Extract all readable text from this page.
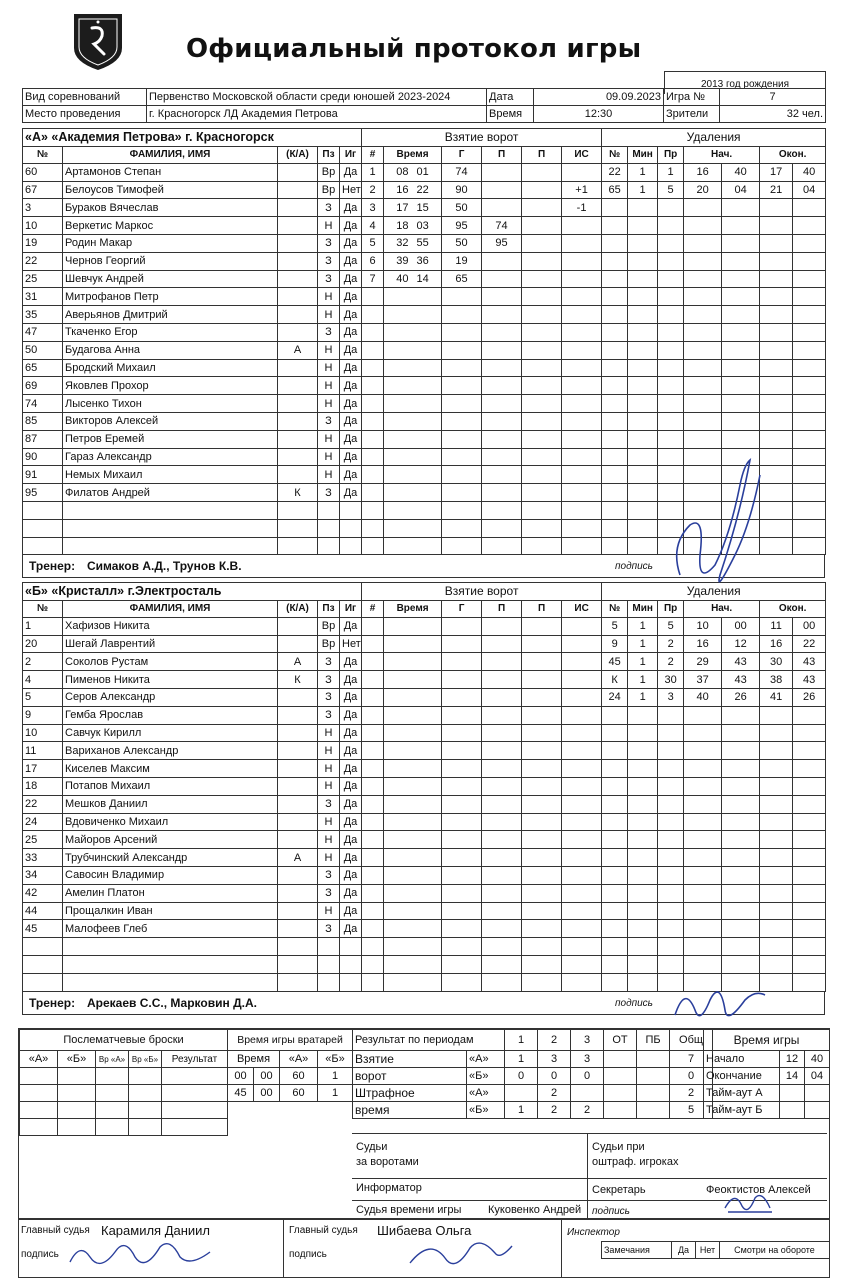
Официальный протокол игры
2013 год рождения
Вид соревнований	Первенство Московской области среди юношей 2023-2024	Дата	09.09.2023	Игра №	7
Место проведения	г. Красногорск ЛД Академия Петрова	Время	12:30	Зрители	32 чел.
«А» «Академия Петрова» г. Красногорск					Взятие ворот						Удаления						
№	ФАМИЛИЯ, ИМЯ	(К/А)	Пз	Иг	#	Время	Г	П	П	ИС	№	Мин	Пр	Нач.		Окон.	
60	Артамонов Степан		Вр	Да	1	08 01	74				22	1	1	16	40	17	40
67	Белоусов Тимофей		Вр	Нет	2	16 22	90			+1	65	1	5	20	04	21	04
3	Бураков Вячеслав		З	Да	3	17 15	50			-1							
10	Веркетис Маркос		Н	Да	4	18 03	95	74									
19	Родин Макар		З	Да	5	32 55	50	95									
22	Чернов Георгий		З	Да	6	39 36	19										
25	Шевчук Андрей		З	Да	7	40 14	65										
31	Митрофанов Петр		Н	Да													
35	Аверьянов Дмитрий		Н	Да													
47	Ткаченко Егор		З	Да													
50	Будагова Анна	А	Н	Да													
65	Бродский Михаил		Н	Да													
69	Яковлев Прохор		Н	Да													
74	Лысенко Тихон		Н	Да													
85	Викторов Алексей		З	Да													
87	Петров Еремей		Н	Да													
90	Гараз Александр		Н	Да													
91	Немых Михаил		Н	Да													
95	Филатов Андрей	К	З	Да													

Тренер: Симаков А.Д., Трунов К.В.	подпись
«Б» «Кристалл» г.Электросталь					Взятие ворот						Удаления						
№	ФАМИЛИЯ, ИМЯ	(К/А)	Пз	Иг	#	Время	Г	П	П	ИС	№	Мин	Пр	Нач.		Окон.	
1	Хафизов Никита		Вр	Да							5	1	5	10	00	11	00
20	Шегай Лаврентий		Вр	Нет							9	1	2	16	12	16	22
2	Соколов Рустам	А	З	Да							45	1	2	29	43	30	43
4	Пименов Никита	К	З	Да							К	1	30	37	43	38	43
5	Серов Александр		З	Да							24	1	3	40	26	41	26
9	Гемба Ярослав		З	Да													
10	Савчук Кирилл		Н	Да													
11	Вариханов Александр		Н	Да													
17	Киселев Максим		Н	Да													
18	Потапов Михаил		Н	Да													
22	Мешков Даниил		З	Да													
24	Вдовиченко Михаил		Н	Да													
25	Майоров Арсений		Н	Да													
33	Трубчинский Александр	А	Н	Да													
34	Савосин Владимир		З	Да													
42	Амелин Платон		З	Да													
44	Прощалкин Иван		Н	Да													
45	Малофеев Глеб		З	Да													

Тренер: Арекаев С.С., Марковин Д.А.	подпись
Послематчевые броски				
«А»	«Б»	Вр «А»	Вр «Б»	Результат

Время игры вратарей			
Время		«А»	«Б»
00	00	60	1
45	00	60	1
Результат по периодам		1	2	3	ОТ	ПБ	Общ
Взятие	«А»	1	3	3			7
ворот	«Б»	0	0	0			0
Штрафное	«А»		2				2
время	«Б»	1	2	2			5
Время игры		
Начало	12	40
Окончание	14	04
Тайм-аут А		
Тайм-аут Б		
Судьи
за воротами
Судьи при
оштраф. игроках
Информатор	Секретарь	Феоктистов Алексей
Судья времени игры Куковенко Андрей подпись
Главный судья Карамиля Даниил
подпись
Главный судья Шибаева Ольга
подпись
Инспектор
Замечания	Да	Нет	Смотри на обороте
